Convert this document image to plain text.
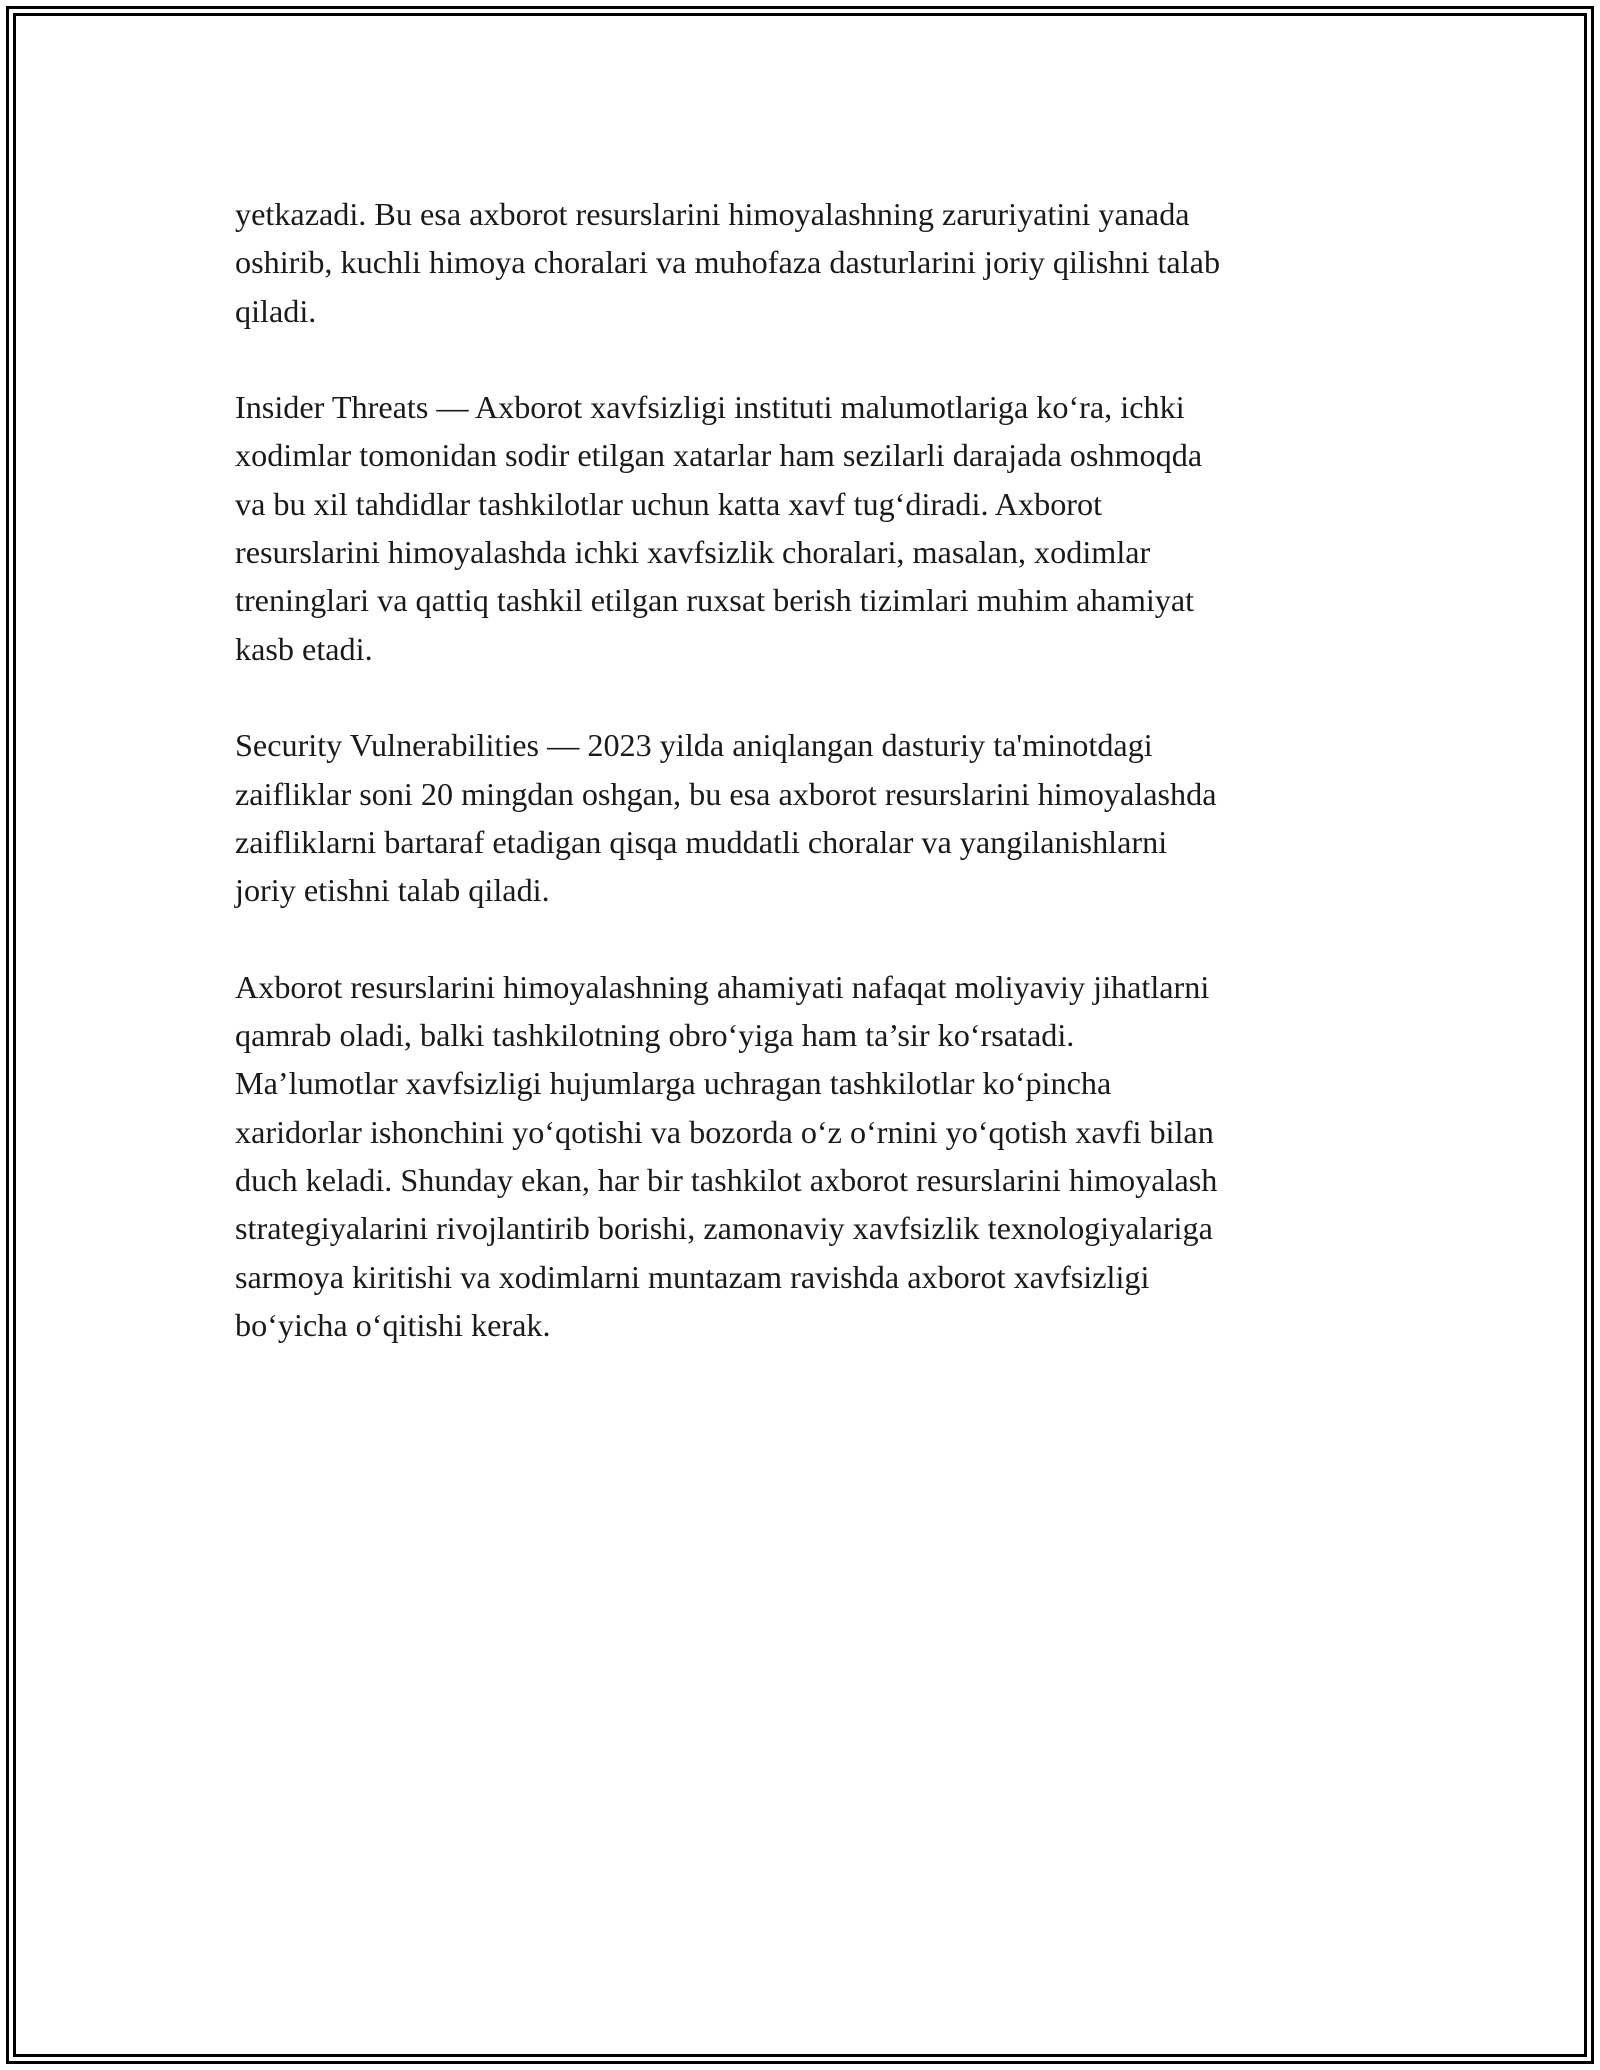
yetkazadi. Bu esa axborot resurslarini himoyalashning zaruriyatini yanada
oshirib, kuchli himoya choralari va muhofaza dasturlarini joriy qilishni talab
qiladi.

Insider Threats — Axborot xavfsizligi instituti malumotlariga koʻra, ichki
xodimlar tomonidan sodir etilgan xatarlar ham sezilarli darajada oshmoqda
va bu xil tahdidlar tashkilotlar uchun katta xavf tugʻdiradi. Axborot
resurslarini himoyalashda ichki xavfsizlik choralari, masalan, xodimlar
treninglari va qattiq tashkil etilgan ruxsat berish tizimlari muhim ahamiyat
kasb etadi.

Security Vulnerabilities — 2023 yilda aniqlangan dasturiy ta'minotdagi
zaifliklar soni 20 mingdan oshgan, bu esa axborot resurslarini himoyalashda
zaifliklarni bartaraf etadigan qisqa muddatli choralar va yangilanishlarni
joriy etishni talab qiladi.

Axborot resurslarini himoyalashning ahamiyati nafaqat moliyaviy jihatlarni
qamrab oladi, balki tashkilotning obroʻyiga ham ta’sir koʻrsatadi.
Ma’lumotlar xavfsizligi hujumlarga uchragan tashkilotlar koʻpincha
xaridorlar ishonchini yoʻqotishi va bozorda oʻz oʻrnini yoʻqotish xavfi bilan
duch keladi. Shunday ekan, har bir tashkilot axborot resurslarini himoyalash
strategiyalarini rivojlantirib borishi, zamonaviy xavfsizlik texnologiyalariga
sarmoya kiritishi va xodimlarni muntazam ravishda axborot xavfsizligi
boʻyicha oʻqitishi kerak.
